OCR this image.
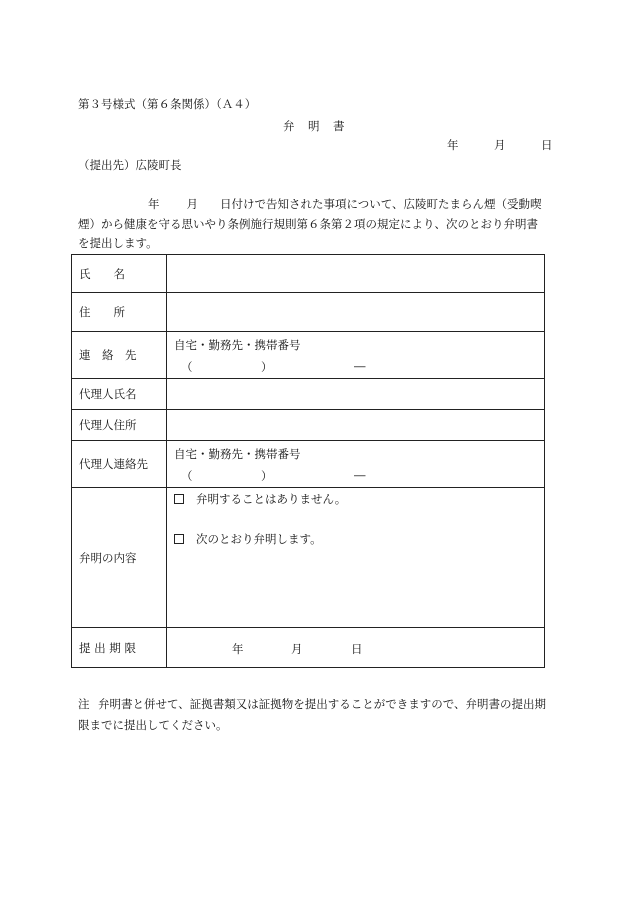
第３号様式（第６条関係）（Ａ４）
弁　明　書
年	月	日
（提出先）広陵町長
年 月 日付けで告知された事項について、広陵町たまらん煙（受動喫煙）から健康を守る思いやり条例施行規則第６条第２項の規定により、次のとおり弁明書を提出します。
氏　　名	
住　　所	
連　絡　先	自宅・勤務先・携帯番号
（ ） ―

代理人氏名	
代理人住所	
代理人連絡先	自宅・勤務先・携帯番号
（ ） ―

弁明の内容	弁明することはありません。
次のとおり弁明します。

提 出 期 限	年 月 日
注 弁明書と併せて、証拠書類又は証拠物を提出することができますので、弁明書の提出期限までに提出してください。
